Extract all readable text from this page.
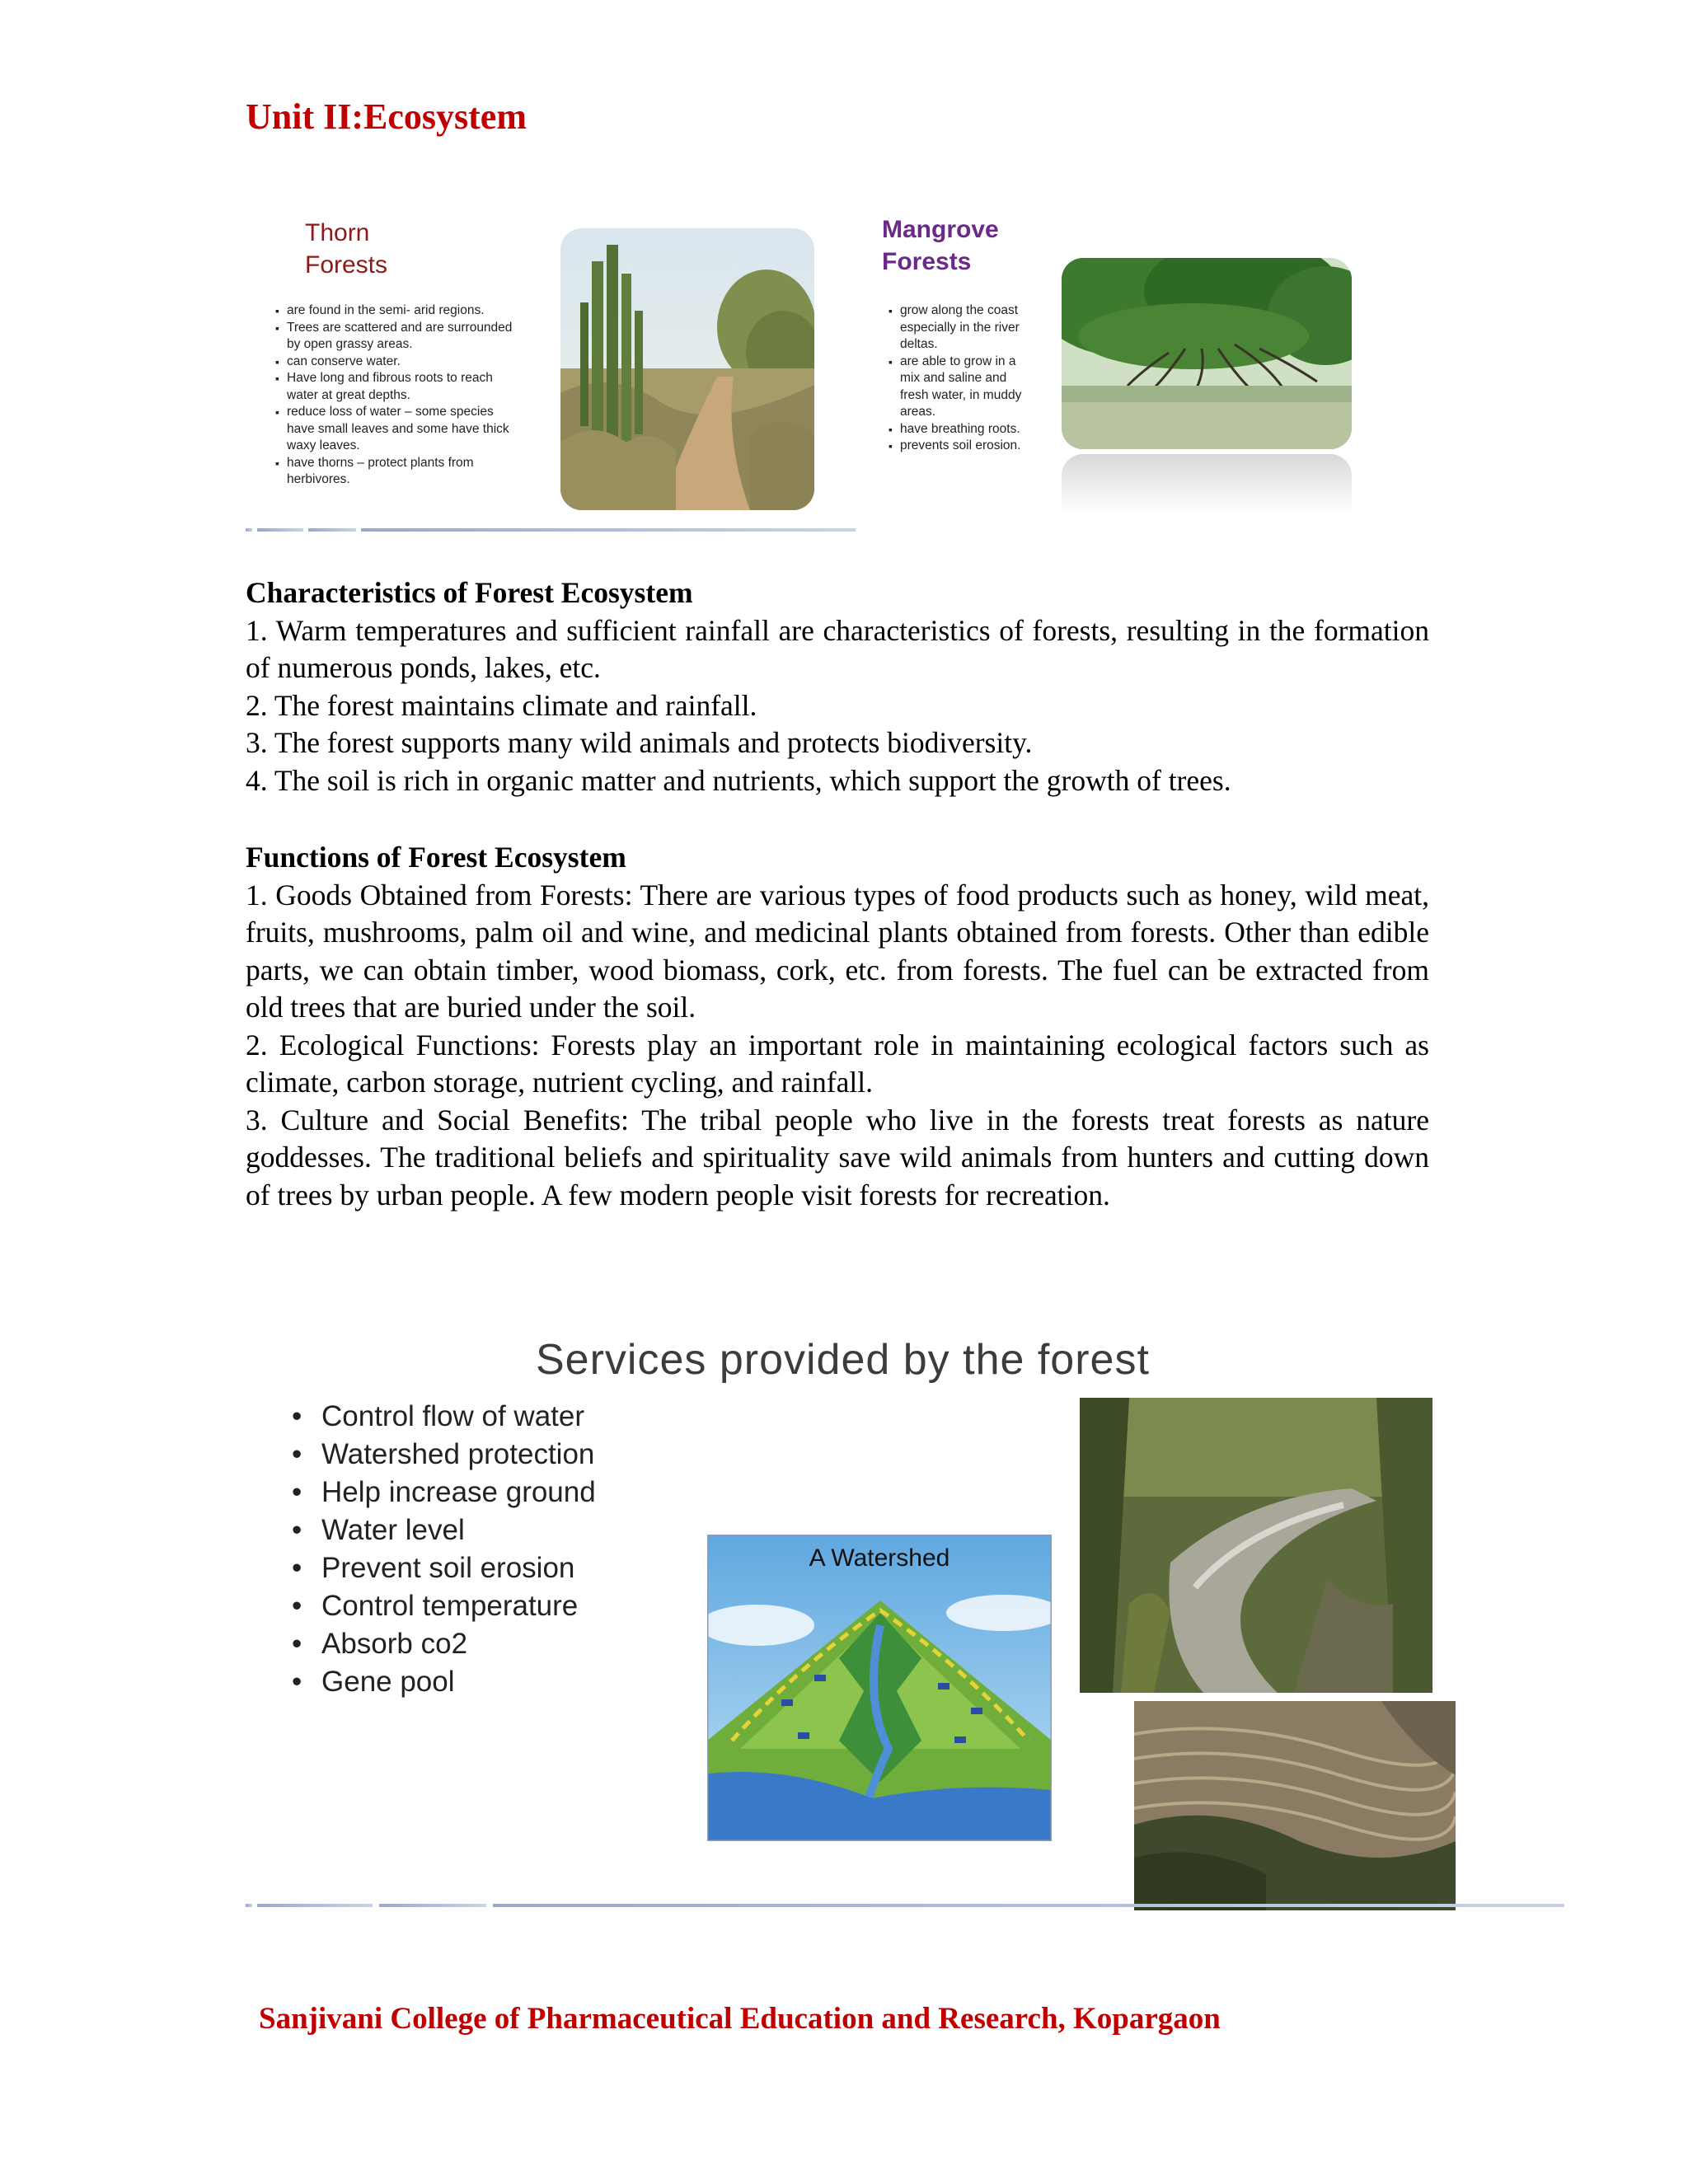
Unit II:Ecosystem
Thorn
Forests
▪ are found in the semi- arid regions.
▪ Trees are scattered and are surrounded by open grassy areas.
▪ can conserve water.
▪ Have long and fibrous roots to reach water at great depths.
▪ reduce loss of water – some species have small leaves and some have thick waxy leaves.
▪ have thorns – protect plants from herbivores.
Mangrove
Forests
▪ grow along the coast especially in the river deltas.
▪ are able to grow in a mix and saline and fresh water, in muddy areas.
▪ have breathing roots.
▪ prevents soil erosion.
Characteristics of Forest Ecosystem

1. Warm temperatures and sufficient rainfall are characteristics of forests, resulting in the formation of numerous ponds, lakes, etc.

2. The forest maintains climate and rainfall.

3. The forest supports many wild animals and protects biodiversity.

4. The soil is rich in organic matter and nutrients, which support the growth of trees.

Functions of Forest Ecosystem

1. Goods Obtained from Forests: There are various types of food products such as honey, wild meat, fruits, mushrooms, palm oil and wine, and medicinal plants obtained from forests. Other than edible parts, we can obtain timber, wood biomass, cork, etc. from forests. The fuel can be extracted from old trees that are buried under the soil.

2. Ecological Functions: Forests play an important role in maintaining ecological factors such as climate, carbon storage, nutrient cycling, and rainfall.

3. Culture and Social Benefits: The tribal people who live in the forests treat forests as nature goddesses. The traditional beliefs and spirituality save wild animals from hunters and cutting down of trees by urban people. A few modern people visit forests for recreation.

Services provided by the forest
• Control flow of water
• Watershed protection
• Help increase ground
• Water level
• Prevent soil erosion
• Control temperature
• Absorb co2
• Gene pool
A Watershed

Sanjivani College of Pharmaceutical Education and Research, Kopargaon
